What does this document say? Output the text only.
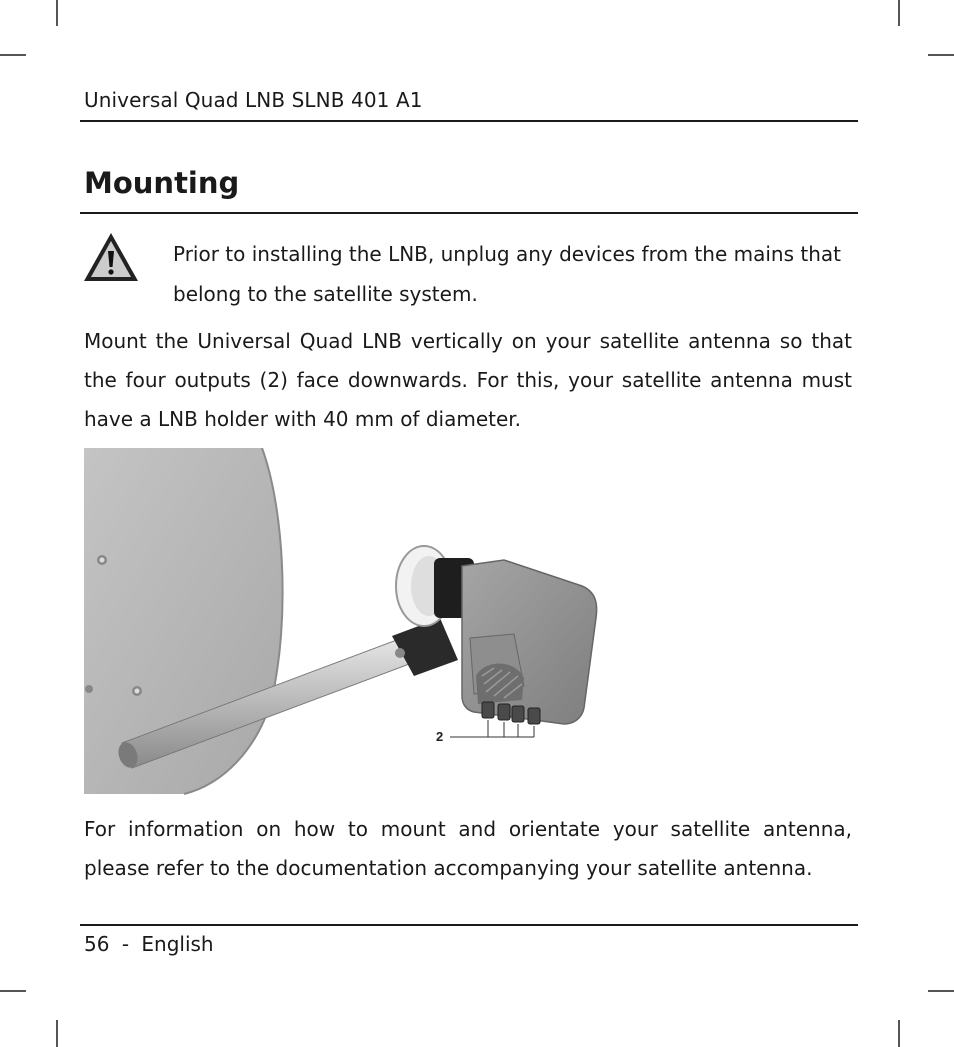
Universal Quad LNB SLNB 401 A1
Mounting
Prior to installing the LNB, unplug any devices from the mains that belong to the satellite system.
Mount the Universal Quad LNB vertically on your satellite antenna so that the four outputs (2) face downwards. For this, your satellite antenna must have a LNB holder with 40 mm of diameter.
2
For information on how to mount and orientate your satellite antenna, please refer to the documentation accompanying your satellite antenna.
56 - English
